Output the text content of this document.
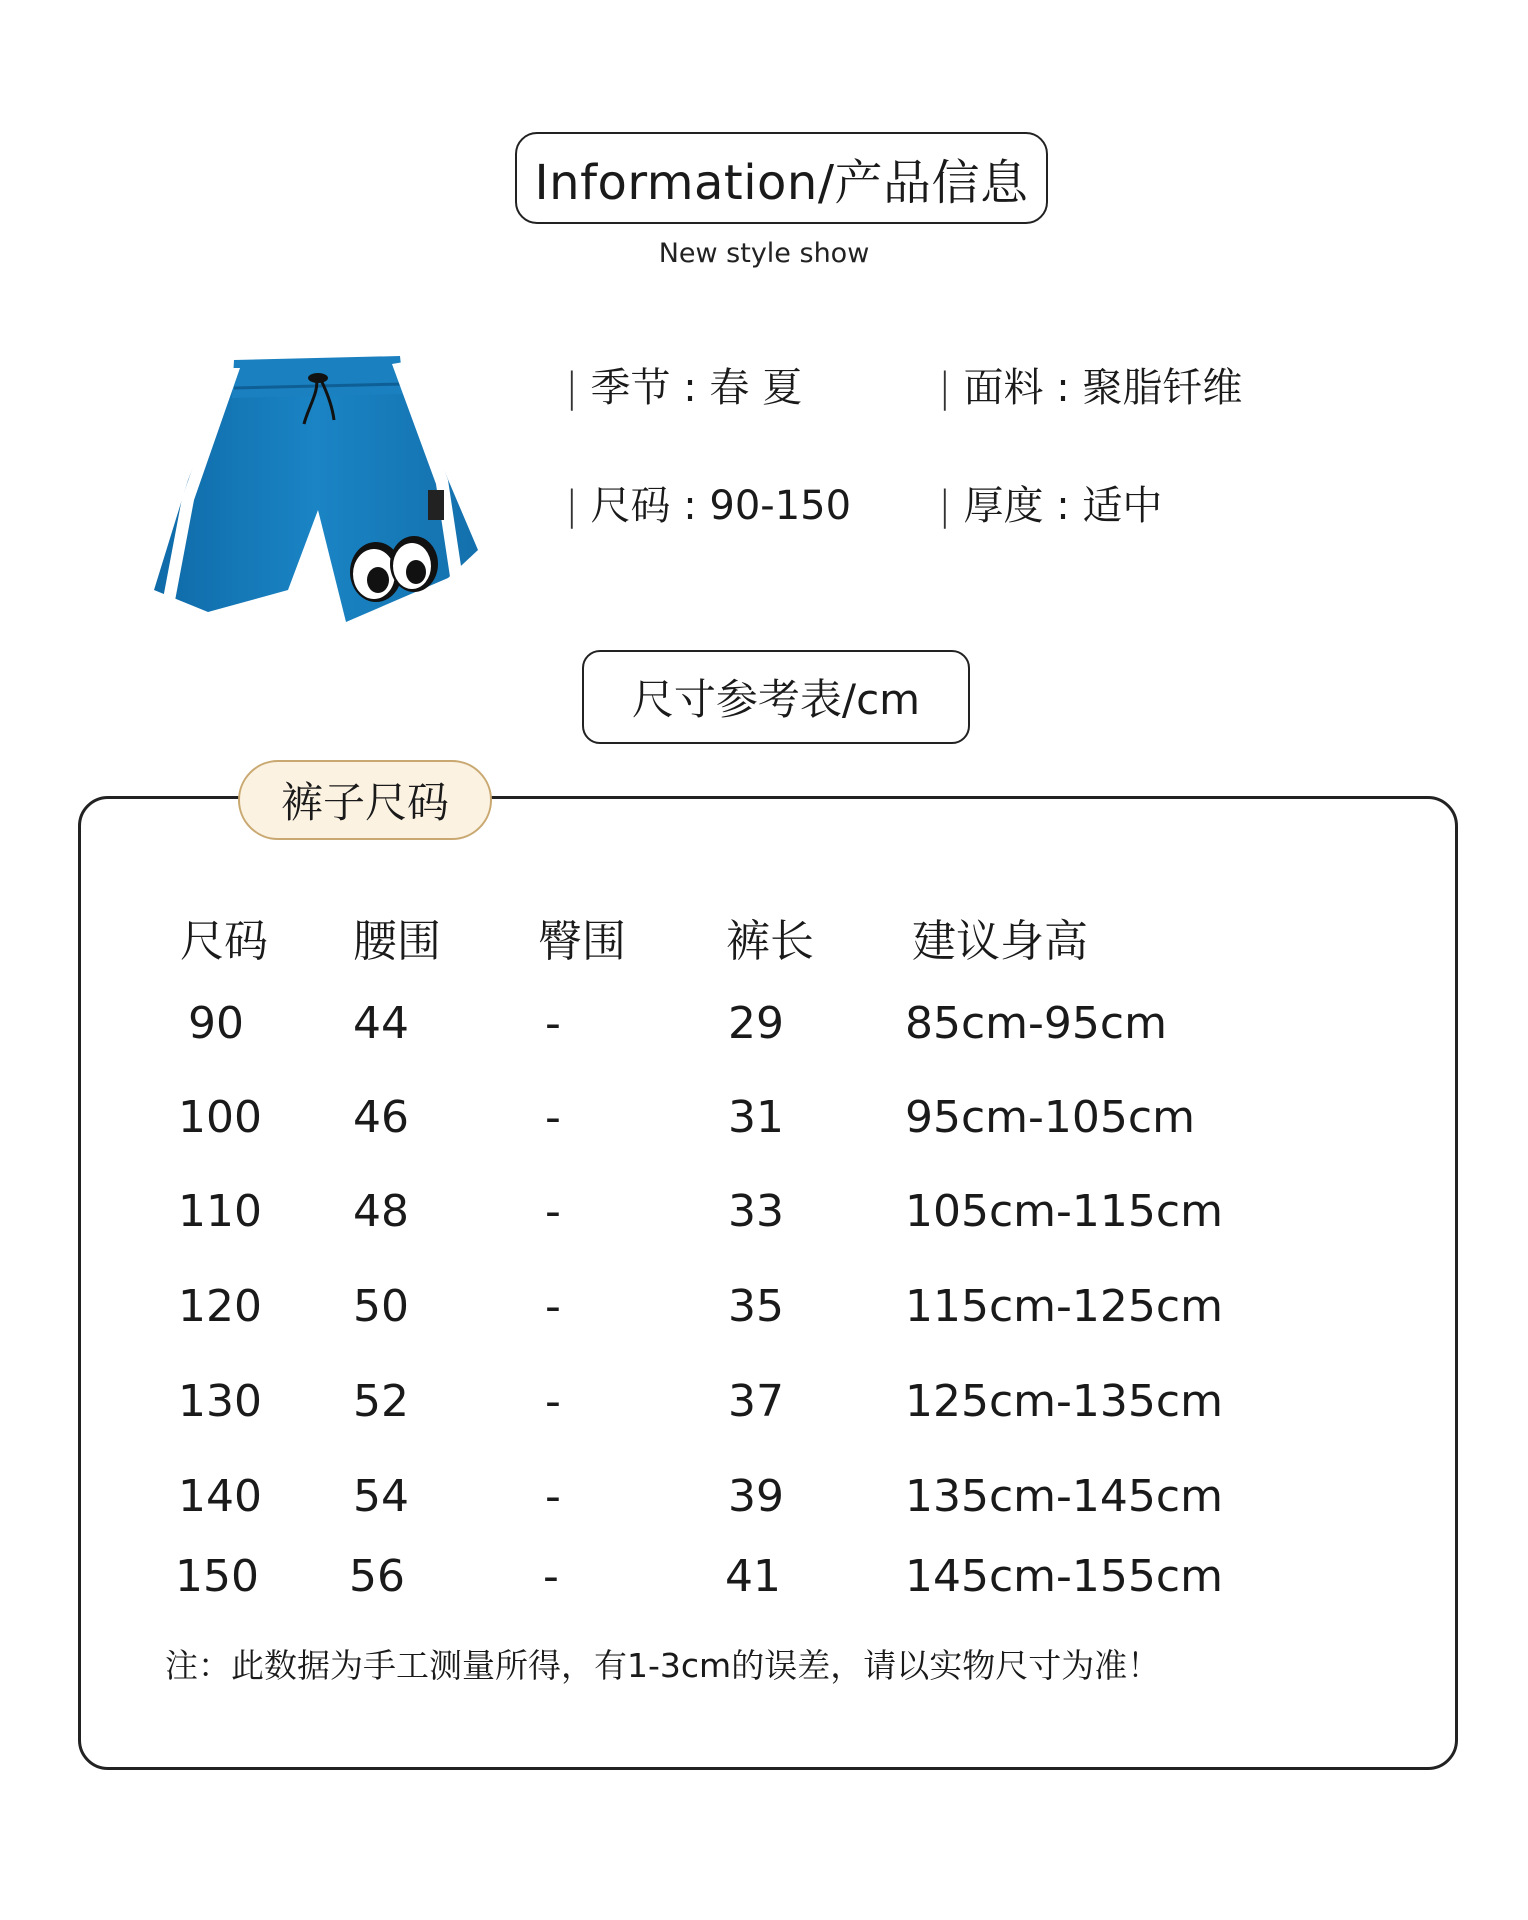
Information/产品信息
New style show
| 季节 : 春 夏	| 面料 : 聚脂钎维
| 尺码 : 90-150 | 厚度 : 适中
尺寸参考表/cm
裤子尺码
尺码 腰围 臀围 裤长 建议身高
90 44	-	29	85cm-95cm
100 46	-	31	95cm-105cm
110 48	-	33	105cm-115cm
120 50	-	35	115cm-125cm
130 52	-	37	125cm-135cm
140 54	-	39	135cm-145cm
150 56	-	41	145cm-155cm
注：此数据为手工测量所得，有1-3cm的误差，请以实物尺寸为准！
